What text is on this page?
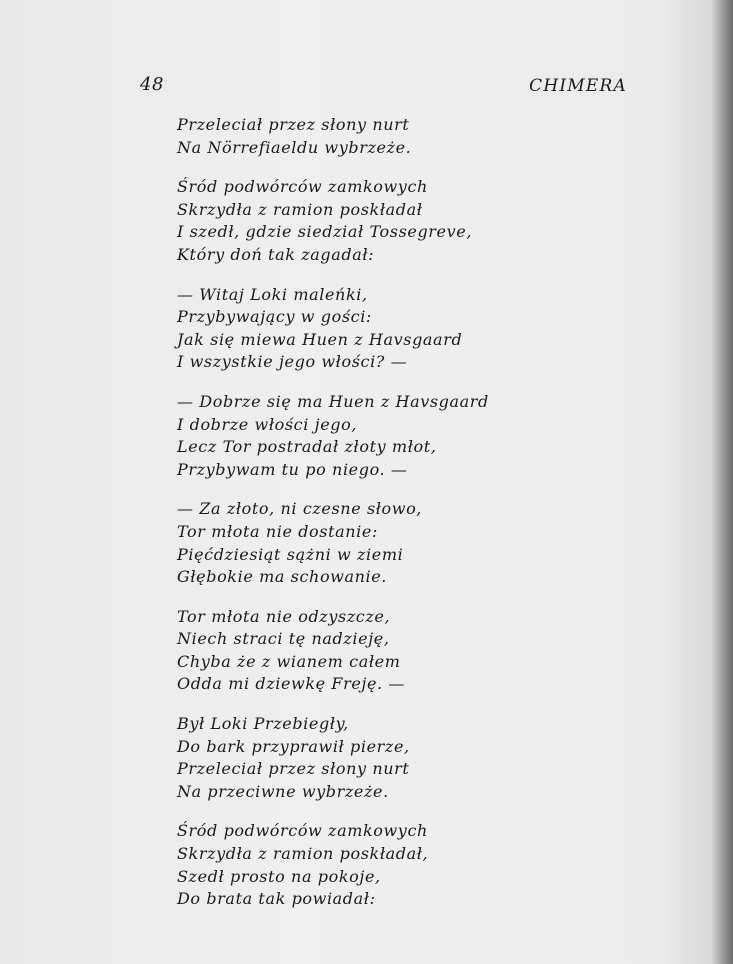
48	CHIMERA
Przeleciał przez słony nurt
Na Nörrefiaeldu wybrzeże.
Śród podwórców zamkowych
Skrzydła z ramion poskładał
I szedł, gdzie siedział Tossegreve,
Który doń tak zagadał:
— Witaj Loki maleńki,
Przybywający w gości:
Jak się miewa Huen z Havsgaard
I wszystkie jego włości? —
— Dobrze się ma Huen z Havsgaard
I dobrze włości jego,
Lecz Tor postradał złoty młot,
Przybywam tu po niego. —
— Za złoto, ni czesne słowo,
Tor młota nie dostanie:
Pięćdziesiąt sążni w ziemi
Głębokie ma schowanie.
Tor młota nie odzyszcze,
Niech straci tę nadzieję,
Chyba że z wianem całem
Odda mi dziewkę Freję. —
Był Loki Przebiegły,
Do bark przyprawił pierze,
Przeleciał przez słony nurt
Na przeciwne wybrzeże.
Śród podwórców zamkowych
Skrzydła z ramion poskładał,
Szedł prosto na pokoje,
Do brata tak powiadał:
